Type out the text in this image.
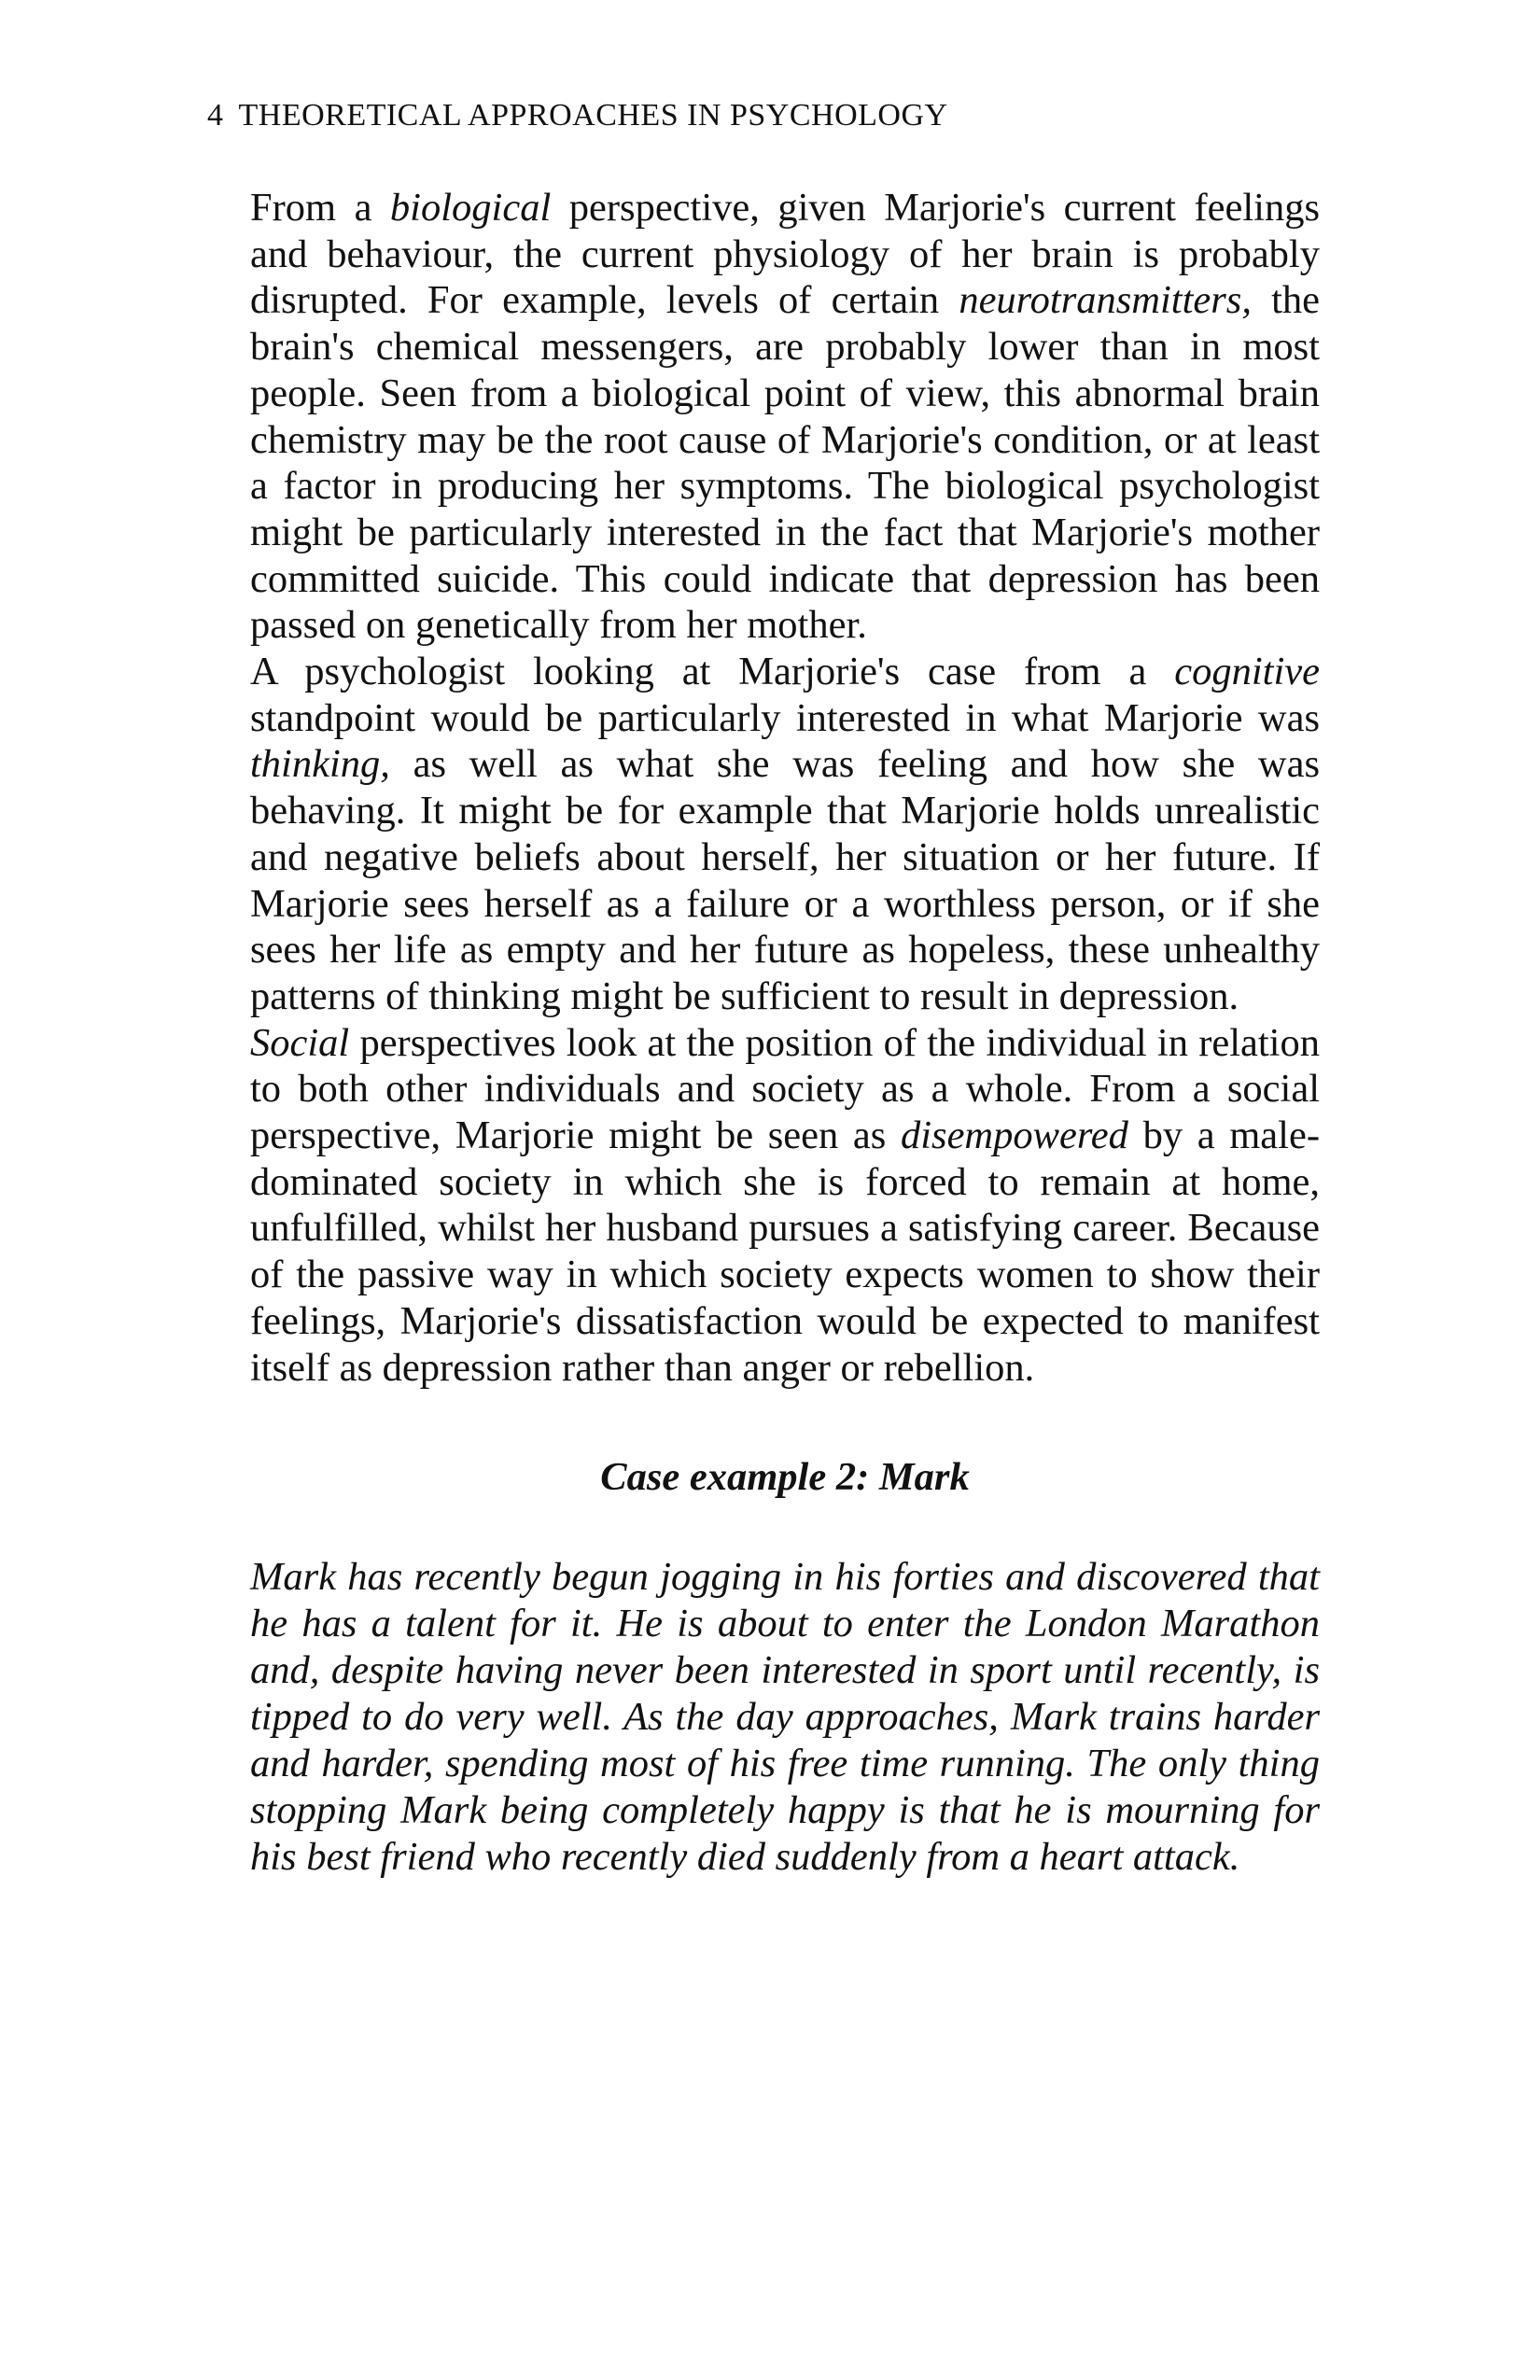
4 THEORETICAL APPROACHES IN PSYCHOLOGY

From a biological perspective, given Marjorie's current feelings and behaviour, the current physiology of her brain is probably disrupted. For example, levels of certain neurotransmitters, the brain's chemical messengers, are probably lower than in most people. Seen from a biological point of view, this abnormal brain chemistry may be the root cause of Marjorie's condition, or at least a factor in producing her symptoms. The biological psychologist might be particularly interested in the fact that Marjorie's mother committed suicide. This could indicate that depression has been passed on genetically from her mother.

A psychologist looking at Marjorie's case from a cognitive standpoint would be particularly interested in what Marjorie was thinking, as well as what she was feeling and how she was behaving. It might be for example that Marjorie holds unrealistic and negative beliefs about herself, her situation or her future. If Marjorie sees herself as a failure or a worthless person, or if she sees her life as empty and her future as hopeless, these unhealthy patterns of thinking might be sufficient to result in depression.

Social perspectives look at the position of the individual in relation to both other individuals and society as a whole. From a social perspective, Marjorie might be seen as disempowered by a male-dominated society in which she is forced to remain at home, unfulfilled, whilst her husband pursues a satisfying career. Because of the passive way in which society expects women to show their feelings, Marjorie's dissatisfaction would be expected to manifest itself as depression rather than anger or rebellion.

Case example 2: Mark

Mark has recently begun jogging in his forties and discovered that he has a talent for it. He is about to enter the London Marathon and, despite having never been interested in sport until recently, is tipped to do very well. As the day approaches, Mark trains harder and harder, spending most of his free time running. The only thing stopping Mark being completely happy is that he is mourning for his best friend who recently died suddenly from a heart attack.
